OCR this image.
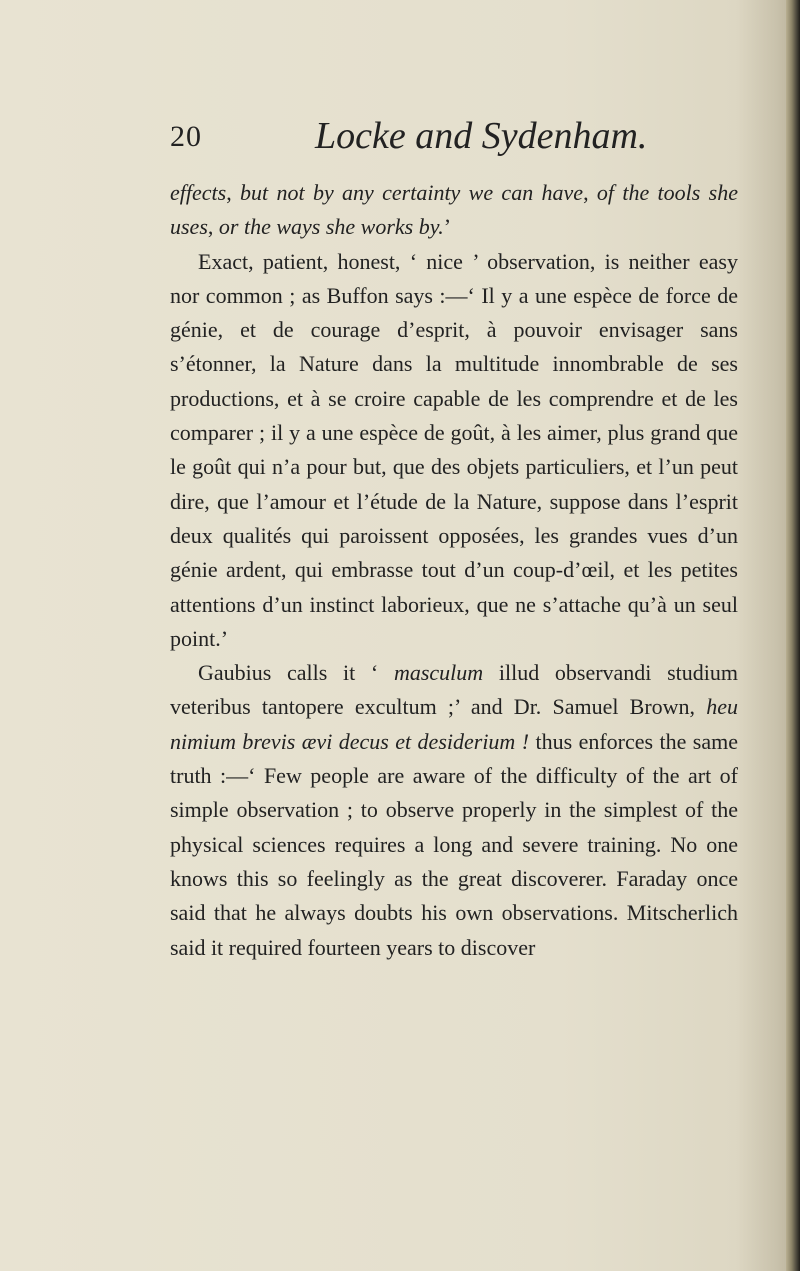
20	Locke and Sydenham.

effects, but not by any certainty we can have, of the tools she uses, or the ways she works by.’

Exact, patient, honest, ‘ nice ’ observation, is neither easy nor common ; as Buffon says :—‘ Il y a une espèce de force de génie, et de courage d’esprit, à pouvoir envisager sans s’étonner, la Nature dans la multitude innombrable de ses productions, et à se croire capable de les comprendre et de les comparer ; il y a une espèce de goût, à les aimer, plus grand que le goût qui n’a pour but, que des objets particuliers, et l’un peut dire, que l’amour et l’étude de la Nature, suppose dans l’esprit deux qualités qui paroissent opposées, les grandes vues d’un génie ardent, qui embrasse tout d’un coup-d’œil, et les petites attentions d’un instinct laborieux, que ne s’attache qu’à un seul point.’

Gaubius calls it ‘ masculum illud observandi studium veteribus tantopere excultum ;’ and Dr. Samuel Brown, heu nimium brevis ævi decus et desiderium ! thus enforces the same truth :—‘ Few people are aware of the difficulty of the art of simple observation ; to observe properly in the simplest of the physical sciences requires a long and severe training. No one knows this so feelingly as the great discoverer. Faraday once said that he always doubts his own observations. Mitscherlich said it required fourteen years to discover
